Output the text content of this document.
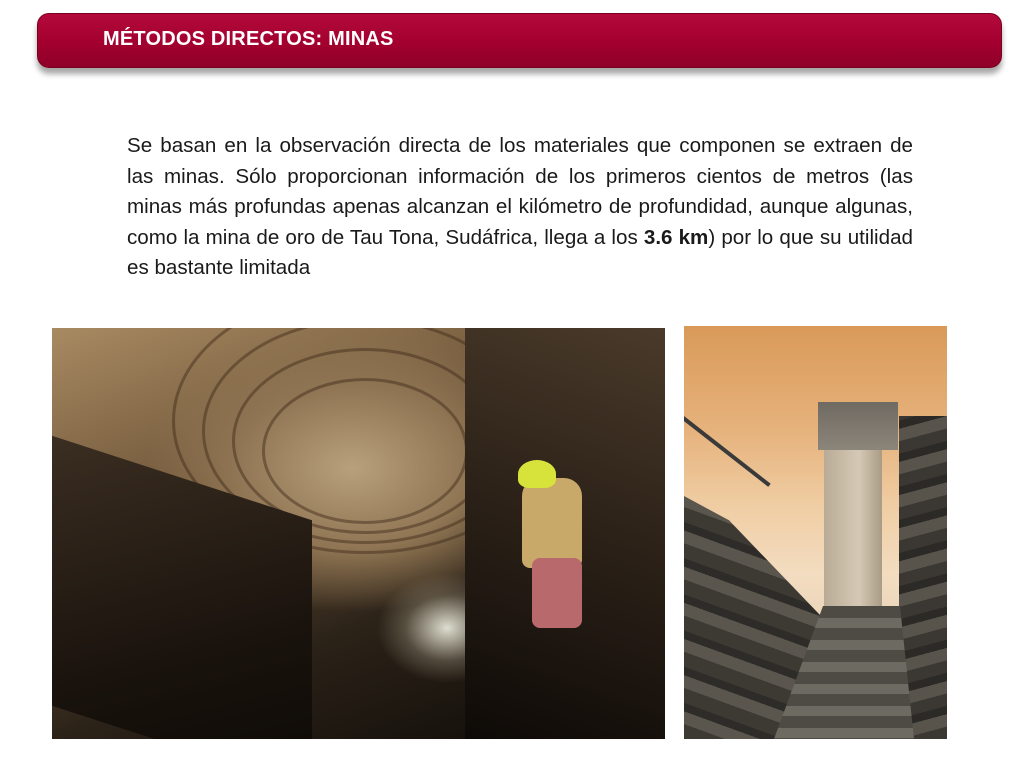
MÉTODOS DIRECTOS: MINAS

Se basan en la observación directa de los materiales que componen se extraen de las minas. Sólo proporcionan información de los primeros cientos de metros (las minas más profundas apenas alcanzan el kilómetro de profundidad, aunque algunas, como la mina de oro de Tau Tona, Sudáfrica, llega a los 3.6 km) por lo que su utilidad es bastante limitada
